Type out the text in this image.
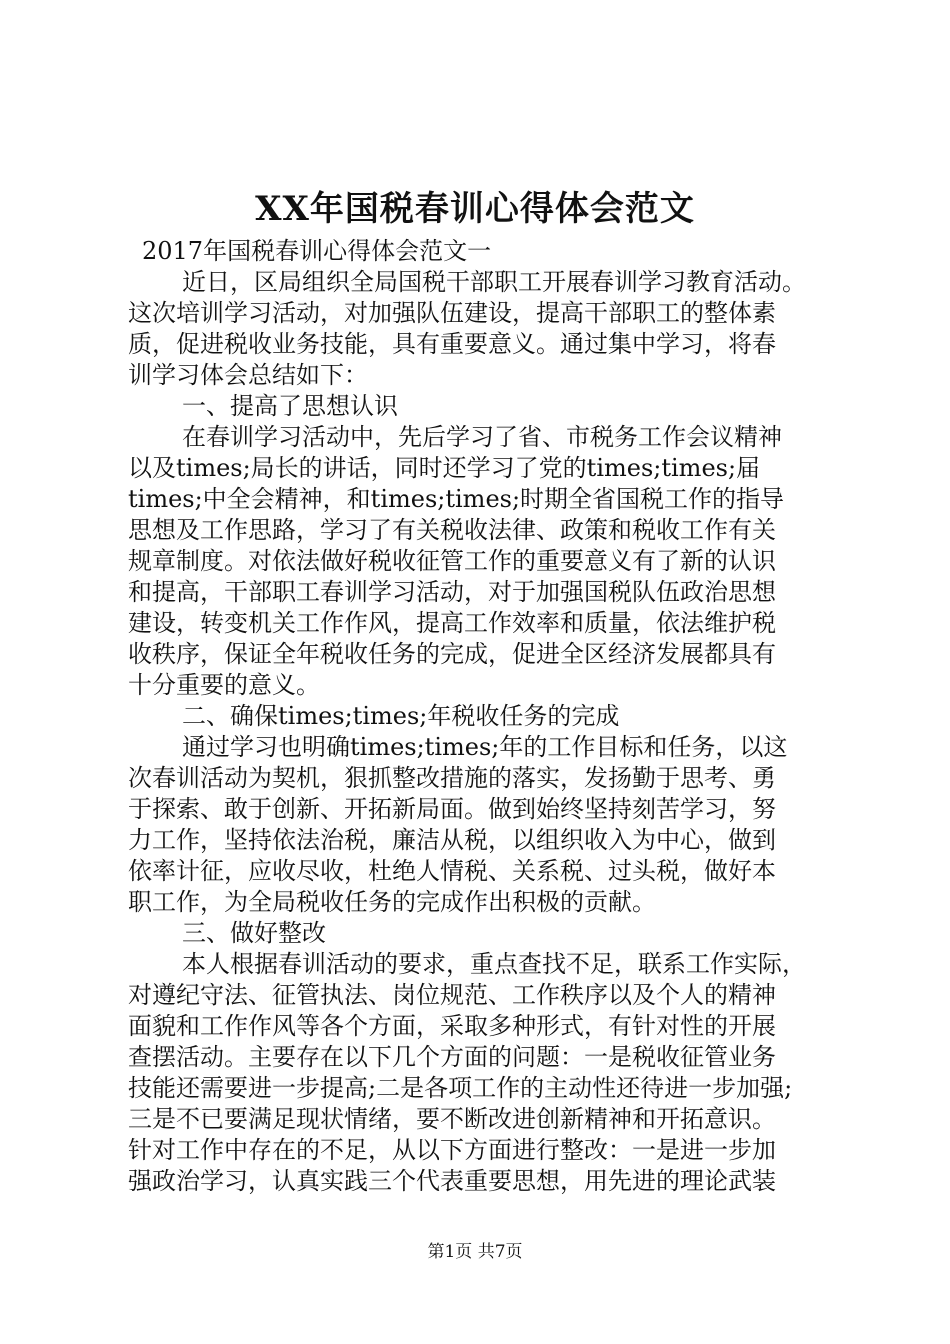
XX年国税春训心得体会范文
2017年国税春训心得体会范文一
近日，区局组织全局国税干部职工开展春训学习教育活动。
这次培训学习活动，对加强队伍建设，提高干部职工的整体素
质，促进税收业务技能，具有重要意义。通过集中学习，将春
训学习体会总结如下：
一、提高了思想认识
在春训学习活动中，先后学习了省、市税务工作会议精神
以及times;局长的讲话，同时还学习了党的times;times;届
times;中全会精神，和times;times;时期全省国税工作的指导
思想及工作思路，学习了有关税收法律、政策和税收工作有关
规章制度。对依法做好税收征管工作的重要意义有了新的认识
和提高，干部职工春训学习活动，对于加强国税队伍政治思想
建设，转变机关工作作风，提高工作效率和质量，依法维护税
收秩序，保证全年税收任务的完成，促进全区经济发展都具有
十分重要的意义。
二、确保times;times;年税收任务的完成
通过学习也明确times;times;年的工作目标和任务，以这
次春训活动为契机，狠抓整改措施的落实，发扬勤于思考、勇
于探索、敢于创新、开拓新局面。做到始终坚持刻苦学习，努
力工作，坚持依法治税，廉洁从税，以组织收入为中心，做到
依率计征，应收尽收，杜绝人情税、关系税、过头税，做好本
职工作，为全局税收任务的完成作出积极的贡献。
三、做好整改
本人根据春训活动的要求，重点查找不足，联系工作实际，
对遵纪守法、征管执法、岗位规范、工作秩序以及个人的精神
面貌和工作作风等各个方面，采取多种形式，有针对性的开展
查摆活动。主要存在以下几个方面的问题：一是税收征管业务
技能还需要进一步提高;二是各项工作的主动性还待进一步加强;
三是不已要满足现状情绪，要不断改进创新精神和开拓意识。
针对工作中存在的不足，从以下方面进行整改：一是进一步加
强政治学习，认真实践三个代表重要思想，用先进的理论武装
第1页 共7页
